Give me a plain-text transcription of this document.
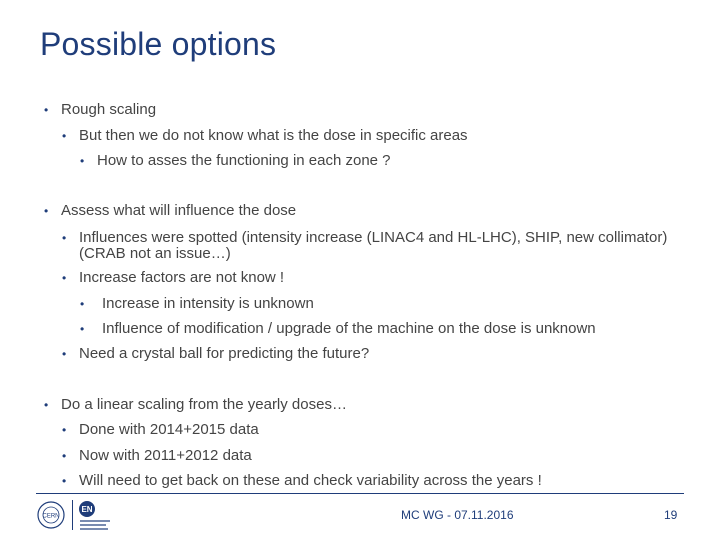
Possible options
• Rough scaling
• But then we do not know what is the dose in specific areas
• How to asses the functioning in each zone ?
• Assess what will influence the dose
• Influences were spotted (intensity increase (LINAC4 and HL-LHC), SHIP, new collimator)(CRAB not an issue…)
• Increase factors are not know !
• Increase in intensity is unknown
• Influence of modification / upgrade of the machine on the dose is unknown
• Need a crystal ball for predicting the future?
• Do a linear scaling from the yearly doses…
• Done with 2014+2015 data
• Now with 2011+2012 data
• Will need to get back on these and check variability across the years !
CERN
EN	MC WG - 07.11.2016	19
